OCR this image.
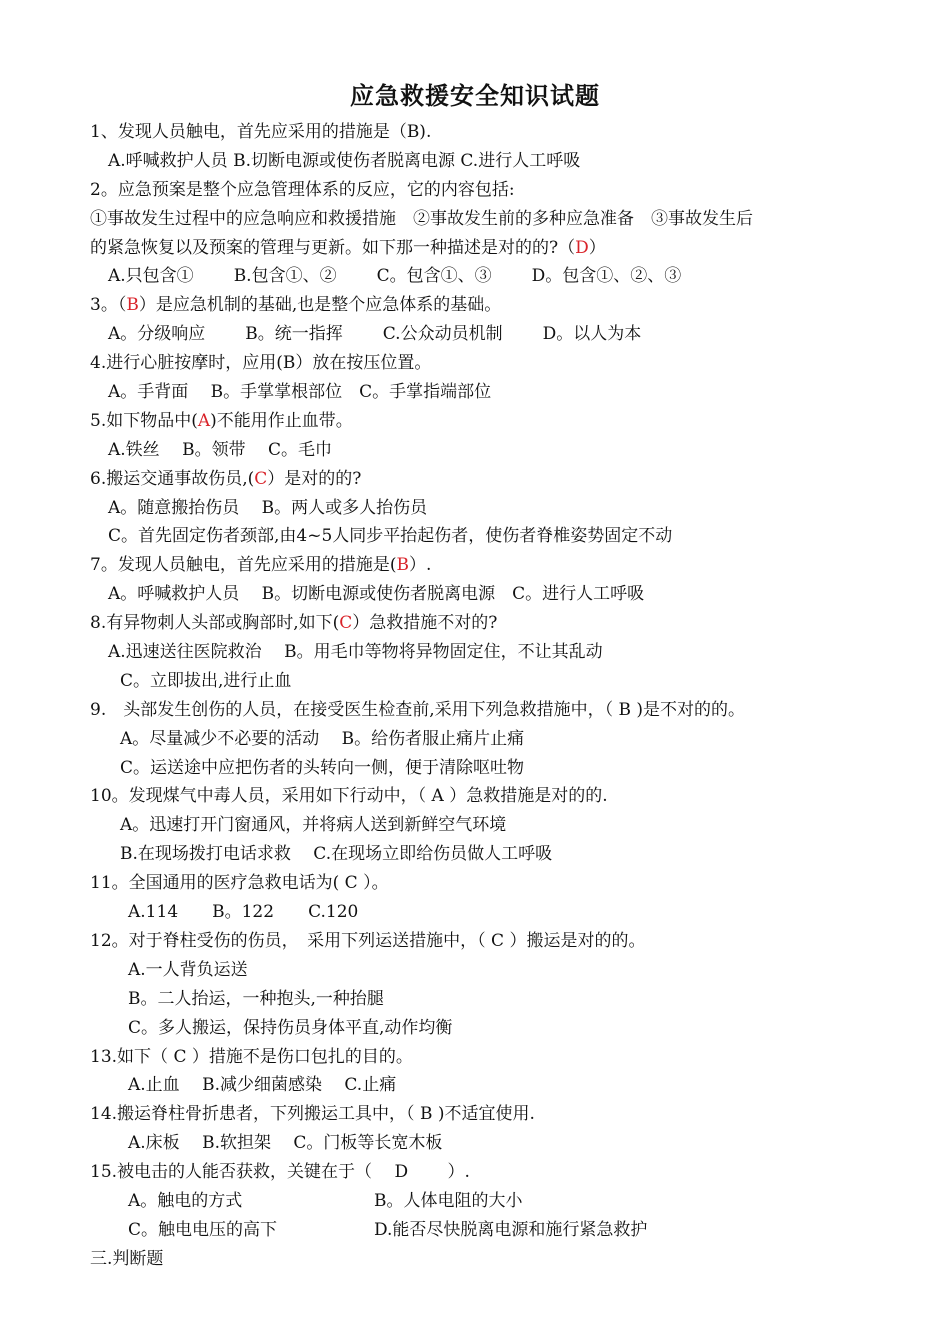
应急救援安全知识试题
1、发现人员触电，首先应采用的措施是（B).
A.呼喊救护人员 B.切断电源或使伤者脱离电源 C.进行人工呼吸
2。应急预案是整个应急管理体系的反应，它的内容包括:
①事故发生过程中的应急响应和救援措施　②事故发生前的多种应急准备　③事故发生后
的紧急恢复以及预案的管理与更新。如下那一种描述是对的的?（D）
A.只包含① B.包含①、② C。包含①、③ D。包含①、②、③
3。（B）是应急机制的基础,也是整个应急体系的基础。
A。分级响应 B。统一指挥 C.公众动员机制 D。以人为本
4.进行心脏按摩时，应用(B）放在按压位置。
A。手背面　 B。手掌掌根部位　C。手掌指端部位
5.如下物品中(A)不能用作止血带。
A.铁丝　 B。领带　 C。毛巾
6.搬运交通事故伤员,(C）是对的的?
A。随意搬抬伤员　 B。两人或多人抬伤员
C。首先固定伤者颈部,由4~5人同步平抬起伤者，使伤者脊椎姿势固定不动
7。发现人员触电，首先应采用的措施是(B）.
A。呼喊救护人员　 B。切断电源或使伤者脱离电源　C。进行人工呼吸
8.有异物刺人头部或胸部时,如下(C）急救措施不对的?
A.迅速送往医院救治　 B。用毛巾等物将异物固定住，不让其乱动
C。立即拔出,进行止血
9.　头部发生创伤的人员，在接受医生检查前,采用下列急救措施中，（ B )是不对的的。
A。尽量减少不必要的活动　 B。给伤者服止痛片止痛
C。运送途中应把伤者的头转向一侧，便于清除呕吐物
10。发现煤气中毒人员，采用如下行动中，（ A ）急救措施是对的的.
A。迅速打开门窗通风，并将病人送到新鲜空气环境
B.在现场拨打电话求救　 C.在现场立即给伤员做人工呼吸
11。全国通用的医疗急救电话为( C ）。
A.114　　B。122　　C.120
12。对于脊柱受伤的伤员，　采用下列运送措施中，（ C ）搬运是对的的。
A.一人背负运送
B。二人抬运，一种抱头,一种抬腿
C。多人搬运，保持伤员身体平直,动作均衡
13.如下（ C ）措施不是伤口包扎的目的。
A.止血　 B.减少细菌感染　 C.止痛
14.搬运脊柱骨折患者，下列搬运工具中，（ B )不适宜使用.
A.床板　 B.软担架　 C。门板等长宽木板
15.被电击的人能否获救，关键在于（　 D　　 ）.
A。触电的方式	B。人体电阻的大小
C。触电电压的高下	D.能否尽快脱离电源和施行紧急救护
三.判断题
